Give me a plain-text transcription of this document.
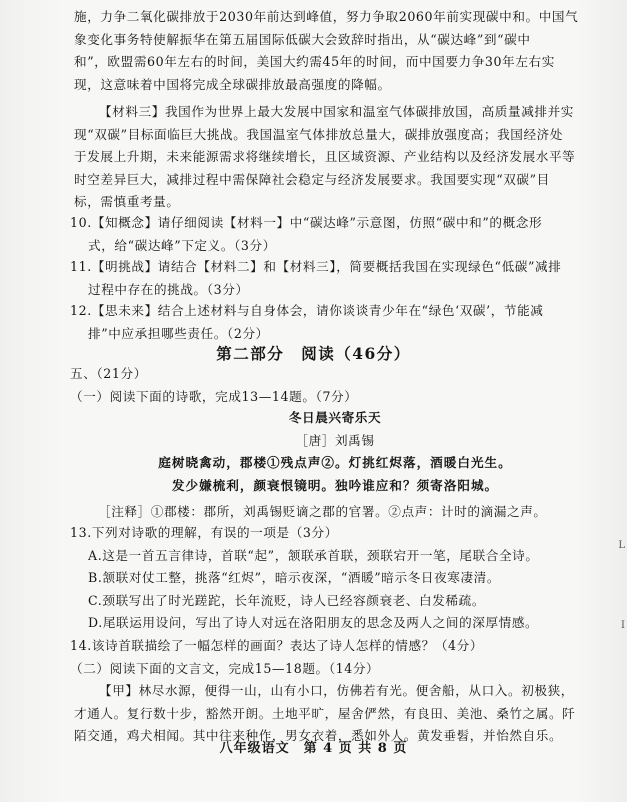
施，力争二氧化碳排放于2030年前达到峰值，努力争取2060年前实现碳中和。中国气

象变化事务特使解振华在第五届国际低碳大会致辞时指出，从“碳达峰”到“碳中

和”，欧盟需60年左右的时间，美国大约需45年的时间，而中国要力争30年左右实

现，这意味着中国将完成全球碳排放最高强度的降幅。

【材料三】我国作为世界上最大发展中国家和温室气体碳排放国，高质量减排并实

现“双碳”目标面临巨大挑战。我国温室气体排放总量大，碳排放强度高；我国经济处

于发展上升期，未来能源需求将继续增长，且区域资源、产业结构以及经济发展水平等

时空差异巨大，减排过程中需保障社会稳定与经济发展要求。我国要实现“双碳”目

标，需慎重考量。

10.【知概念】请仔细阅读【材料一】中“碳达峰”示意图，仿照“碳中和”的概念形

式，给“碳达峰”下定义。（3分）

11.【明挑战】请结合【材料二】和【材料三】，简要概括我国在实现绿色“低碳”减排

过程中存在的挑战。（3分）

12.【思未来】结合上述材料与自身体会，请你谈谈青少年在“绿色‘双碳’，节能减

排”中应承担哪些责任。（2分）

第二部分　阅读（46分）

五、（21分）

（一）阅读下面的诗歌，完成13—14题。（7分）

冬日晨兴寄乐天

［唐］刘禹锡

庭树晓禽动，郡楼①残点声②。灯挑红烬落，酒暖白光生。

发少嫌梳利，颜衰恨镜明。独吟谁应和？须寄洛阳城。

［注释］①郡楼：郡所，刘禹锡贬谪之郡的官署。②点声：计时的滴漏之声。

13.下列对诗歌的理解，有误的一项是（3分）

A.这是一首五言律诗，首联“起”，颔联承首联，颈联宕开一笔，尾联合全诗。

B.颔联对仗工整，挑落“红烬”，暗示夜深，“酒暖”暗示冬日夜寒凄清。

C.颈联写出了时光蹉跎，长年流贬，诗人已经容颜衰老、白发稀疏。

D.尾联运用设问，写出了诗人对远在洛阳朋友的思念及两人之间的深厚情感。

14.该诗首联描绘了一幅怎样的画面？表达了诗人怎样的情感？（4分）

（二）阅读下面的文言文，完成15—18题。（14分）

【甲】林尽水源，便得一山，山有小口，仿佛若有光。便舍船，从口入。初极狭，

才通人。复行数十步，豁然开朗。土地平旷，屋舍俨然，有良田、美池、桑竹之属。阡

陌交通，鸡犬相闻。其中往来种作，男女衣着，悉如外人。黄发垂髫，并怡然自乐。

八年级语文　第 4 页 共 8 页
L
I
